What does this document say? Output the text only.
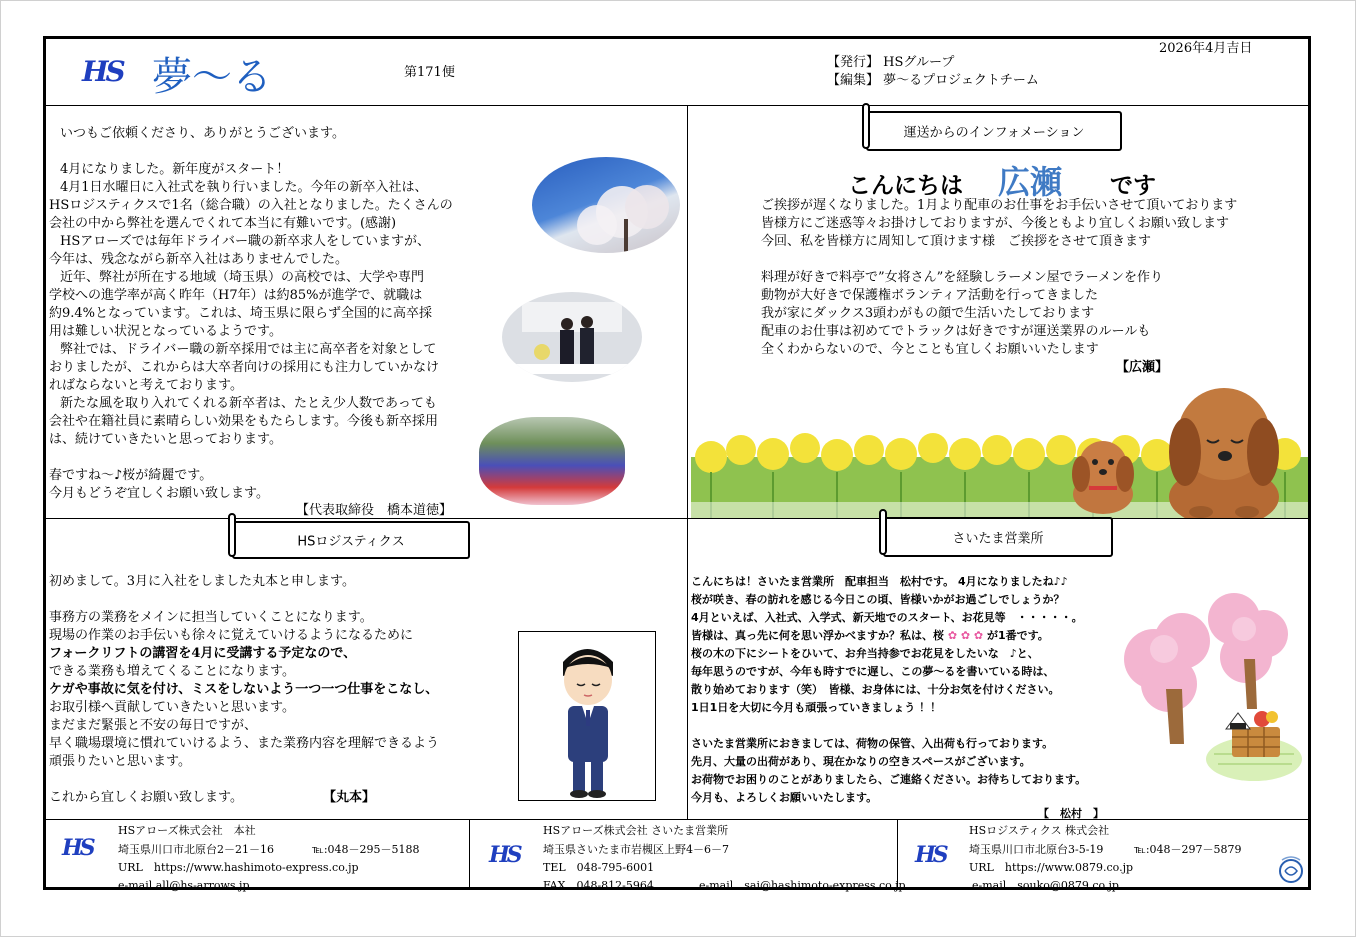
HS 夢～る	第171便
2026年4月吉日
【発行】 HSグループ
【編集】 夢～るプロジェクトチーム
いつもご依頼くださり、ありがとうございます。
4月になりました。新年度がスタート！
4月1日水曜日に入社式を執り行いました。今年の新卒入社は、
HSロジスティクスで1名（総合職）の入社となりました。たくさんの
会社の中から弊社を選んでくれて本当に有難いです。(感謝)
HSアローズでは毎年ドライバー職の新卒求人をしていますが、
今年は、残念ながら新卒入社はありませんでした。
近年、弊社が所在する地域（埼玉県）の高校では、大学や専門
学校への進学率が高く昨年（H7年）は約85%が進学で、就職は
約9.4%となっています。これは、埼玉県に限らず全国的に高卒採
用は難しい状況となっているようです。
弊社では、ドライバー職の新卒採用では主に高卒者を対象として
おりましたが、これからは大卒者向けの採用にも注力していかなけ
ればならないと考えております。
新たな風を取り入れてくれる新卒者は、たとえ少人数であっても
会社や在籍社員に素晴らしい効果をもたらします。今後も新卒採用
は、続けていきたいと思っております。
春ですね～♪桜が綺麗です。
今月もどうぞ宜しくお願い致します。
【代表取締役　橋本道徳】
運送からのインフォメーション
こんにちは 広瀬 です
ご挨拶が遅くなりました。1月より配車のお仕事をお手伝いさせて頂いております
皆様方にご迷惑等々お掛けしておりますが、今後ともより宜しくお願い致します
今回、私を皆様方に周知して頂けます様　ご挨拶をさせて頂きます
料理が好きで料亭で”女将さん”を経験しラーメン屋でラーメンを作り
動物が大好きで保護権ボランティア活動を行ってきました
我が家にダックス3頭わがもの顔で生活いたしております
配車のお仕事は初めてでトラックは好きですが運送業界のルールも
全くわからないので、今とことも宜しくお願いいたします
【広瀬】
HSロジスティクス
初めまして。3月に入社をしました丸本と申します。
事務方の業務をメインに担当していくことになります。
現場の作業のお手伝いも徐々に覚えていけるようになるために
フォークリフトの講習を4月に受講する予定なので、
できる業務も増えてくることになります。
ケガや事故に気を付け、ミスをしないよう一つ一つ仕事をこなし、
お取引様へ貢献していきたいと思います。
まだまだ緊張と不安の毎日ですが、
早く職場環境に慣れていけるよう、また業務内容を理解できるよう
頑張りたいと思います。
これから宜しくお願い致します。	【丸本】
さいたま営業所
こんにちは！さいたま営業所　配車担当　松村です。 4月になりましたね♪♪
桜が咲き、春の訪れを感じる今日この頃、皆様いかがお過ごしでしょうか？
4月といえば、入社式、入学式、新天地でのスタート、お花見等　・・・・・。
皆様は、真っ先に何を思い浮かべますか？私は、桜 ✿ ✿ ✿ が1番です。
桜の木の下にシートをひいて、お弁当持参でお花見をしたいな　♪と、
毎年思うのですが、今年も時すでに遅し、この夢～るを書いている時は、
散り始めております（笑）　皆様、お身体には、十分お気を付けください。
1日1日を大切に今月も頑張っていきましょう ！！
さいたま営業所におきましては、荷物の保管、入出荷も行っております。
先月、大量の出荷があり、現在かなりの空きスペースがございます。
お荷物でお困りのことがありましたら、ご連絡ください。お待ちしております。
今月も、よろしくお願いいたします。
【　松村　】
HS
HSアローズ株式会社　本社
埼玉県川口市北原台2－21－16	℡:048－295－5188
URL　https://www.hashimoto-express.co.jp
e-mail all@hs-arrows.jp
HS
HSアローズ株式会社 さいたま営業所
埼玉県さいたま市岩槻区上野4－6－7
TEL　048-795-6001
FAX　048-812-5964	e-mail　sai@hashimoto-express.co.jp
HS
HSロジスティクス 株式会社
埼玉県川口市北原台3-5-19	℡:048－297－5879
URL　https://www.0879.co.jp
e-mail　souko@0879.co.jp
